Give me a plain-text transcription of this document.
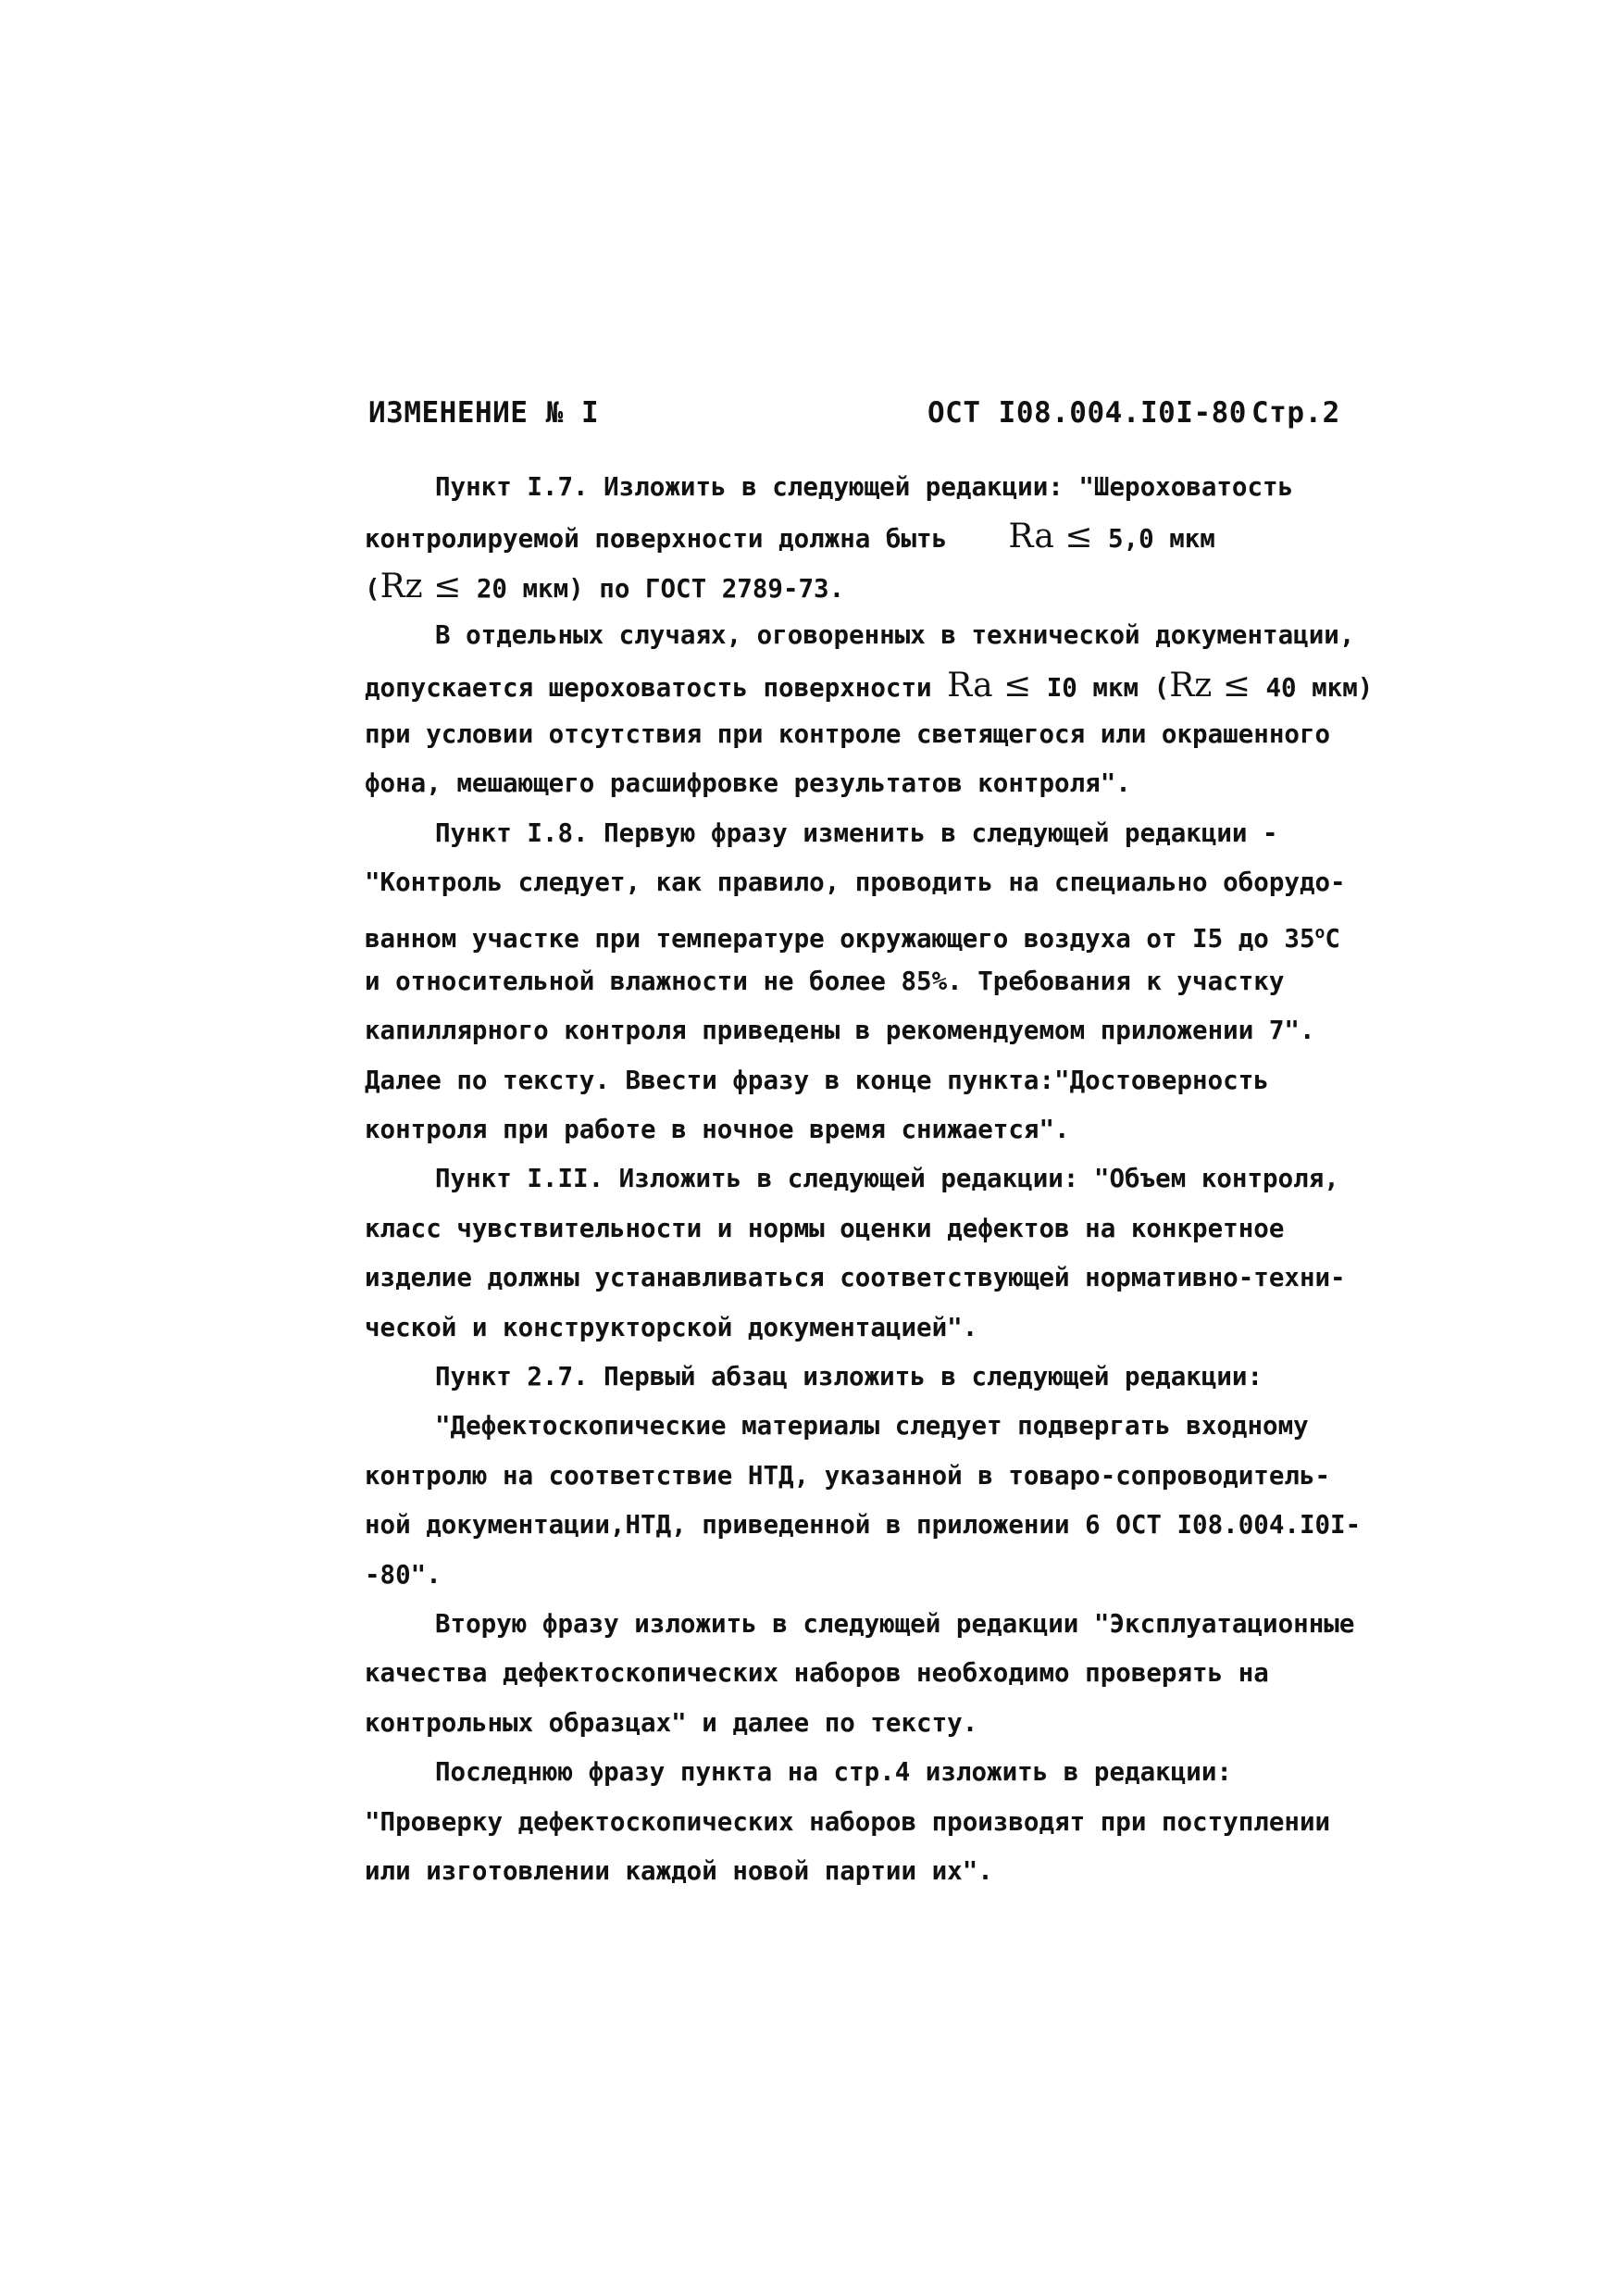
ИЗМЕНЕНИЕ № I	ОСТ I08.004.I0I-80 Стр.2
Пункт I.7. Изложить в следующей редакции: "Шероховатость
контролируемой поверхности должна быть Ra ≤ 5,0 мкм
(Rz ≤ 20 мкм) по ГОСТ 2789-73.
В отдельных случаях, оговоренных в технической документации,
допускается шероховатость поверхности Ra ≤ I0 мкм (Rz ≤ 40 мкм)
при условии отсутствия при контроле светящегося или окрашенного
фона, мешающего расшифровке результатов контроля".
Пункт I.8. Первую фразу изменить в следующей редакции -
"Контроль следует, как правило, проводить на специально оборудо-
ванном участке при температуре окружающего воздуха от I5 до $35^оС$
и относительной влажности не более 85%. Требования к участку
капиллярного контроля приведены в рекомендуемом приложении 7".
Далее по тексту. Ввести фразу в конце пункта:"Достоверность
контроля при работе в ночное время снижается".
Пункт I.II. Изложить в следующей редакции: "Объем контроля,
класс чувствительности и нормы оценки дефектов на конкретное
изделие должны устанавливаться соответствующей нормативно-техни-
ческой и конструкторской документацией".
Пункт 2.7. Первый абзац изложить в следующей редакции:
"Дефектоскопические материалы следует подвергать входному
контролю на соответствие НТД, указанной в товаро-сопроводитель-
ной документации,НТД, приведенной в приложении 6 ОСТ I08.004.I0I-
-80".
Вторую фразу изложить в следующей редакции "Эксплуатационные
качества дефектоскопических наборов необходимо проверять на
контрольных образцах" и далее по тексту.
Последнюю фразу пункта на стр.4 изложить в редакции:
"Проверку дефектоскопических наборов производят при поступлении
или изготовлении каждой новой партии их".
